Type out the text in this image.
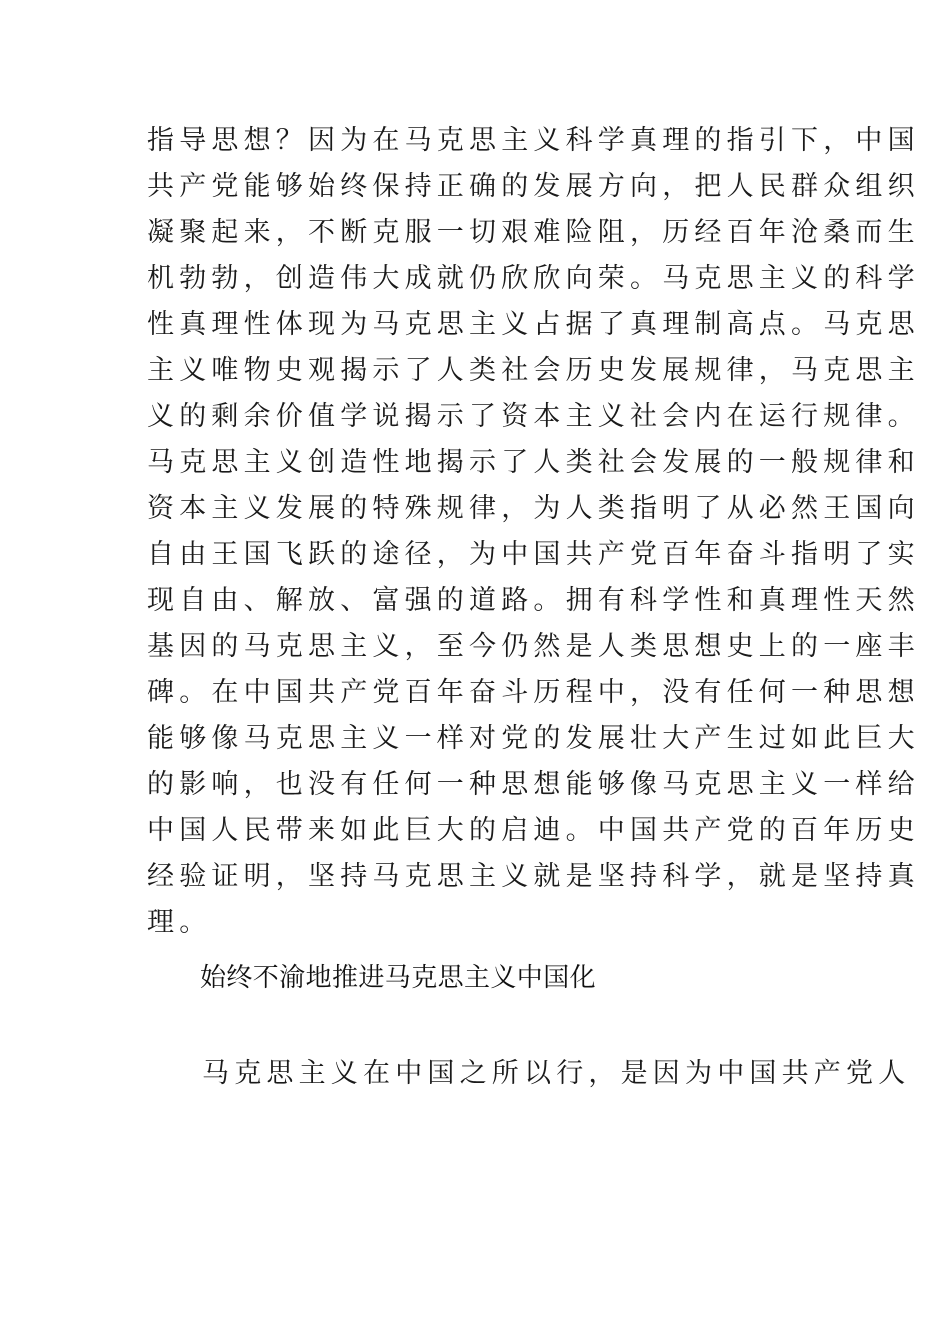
指导思想？因为在马克思主义科学真理的指引下，中国
共产党能够始终保持正确的发展方向，把人民群众组织
凝聚起来，不断克服一切艰难险阻，历经百年沧桑而生
机勃勃，创造伟大成就仍欣欣向荣。马克思主义的科学
性真理性体现为马克思主义占据了真理制高点。马克思
主义唯物史观揭示了人类社会历史发展规律，马克思主
义的剩余价值学说揭示了资本主义社会内在运行规律。
马克思主义创造性地揭示了人类社会发展的一般规律和
资本主义发展的特殊规律，为人类指明了从必然王国向
自由王国飞跃的途径，为中国共产党百年奋斗指明了实
现自由、解放、富强的道路。拥有科学性和真理性天然
基因的马克思主义，至今仍然是人类思想史上的一座丰
碑。在中国共产党百年奋斗历程中，没有任何一种思想
能够像马克思主义一样对党的发展壮大产生过如此巨大
的影响，也没有任何一种思想能够像马克思主义一样给
中国人民带来如此巨大的启迪。中国共产党的百年历史
经验证明，坚持马克思主义就是坚持科学，就是坚持真
理。
始终不渝地推进马克思主义中国化
马克思主义在中国之所以行，是因为中国共产党人
